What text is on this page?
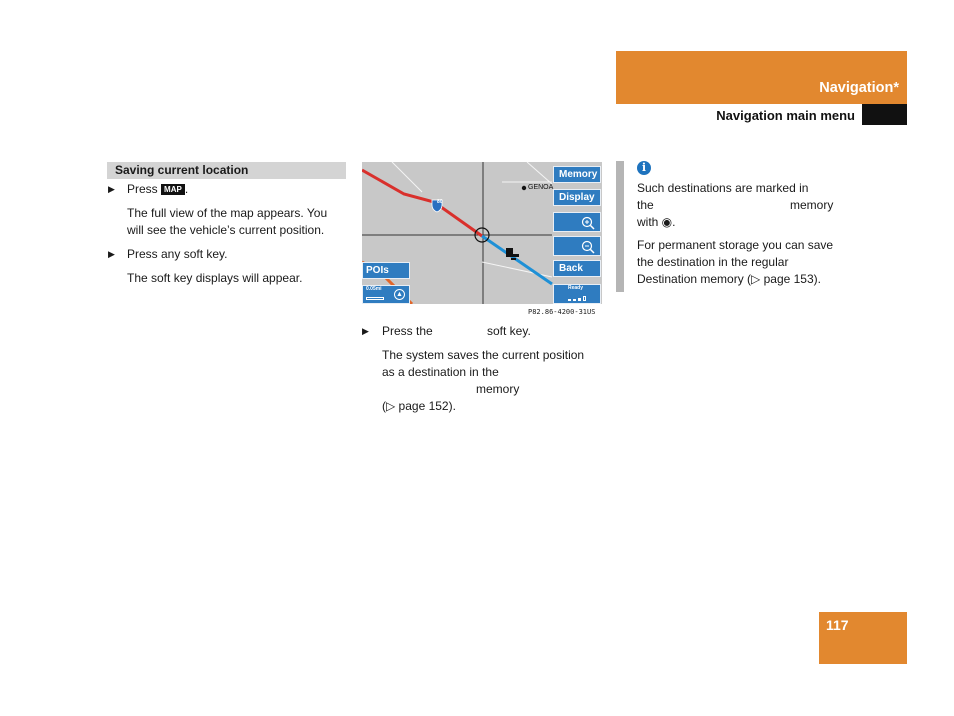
Navigation*
Navigation main menu
Saving current location
▶ Press MAP .
The full view of the map appears. You
will see the vehicle’s current position.
▶ Press any soft key.
The soft key displays will appear.
80
GENOA
Memory
Display
Back
Ready
POIs
0.05mi
▲
P82.86-4200-31US
▶ Press the	soft key.
The system saves the current position
as a destination in the
memory
(▷ page 152).
i
Such destinations are marked in
the	memory
with ◉.
For permanent storage you can save
the destination in the regular
Destination memory (▷ page 153).
117
